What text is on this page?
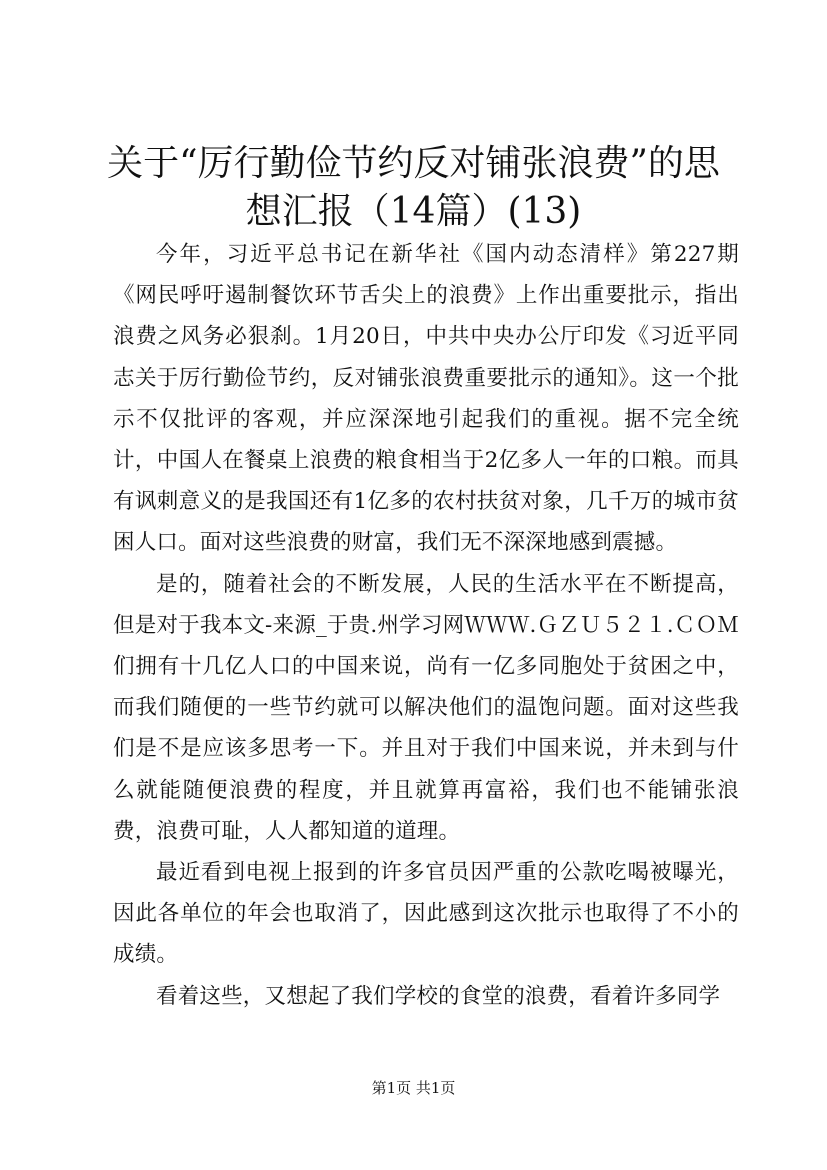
关于“厉行勤俭节约反对铺张浪费”的思想汇报（14篇）(13)

今年，习近平总书记在新华社《国内动态清样》第227期《网民呼吁遏制餐饮环节舌尖上的浪费》上作出重要批示，指出浪费之风务必狠刹。1月20日，中共中央办公厅印发《习近平同志关于厉行勤俭节约，反对铺张浪费重要批示的通知》。这一个批示不仅批评的客观，并应深深地引起我们的重视。据不完全统计，中国人在餐桌上浪费的粮食相当于2亿多人一年的口粮。而具有讽刺意义的是我国还有1亿多的农村扶贫对象，几千万的城市贫困人口。面对这些浪费的财富，我们无不深深地感到震撼。

是的，随着社会的不断发展，人民的生活水平在不断提高，但是对于我本文-来源_于贵.州学习网ＷＷＷ.ＧＺＵ５２１.ＣＯＭ们拥有十几亿人口的中国来说，尚有一亿多同胞处于贫困之中，而我们随便的一些节约就可以解决他们的温饱问题。面对这些我们是不是应该多思考一下。并且对于我们中国来说，并未到与什么就能随便浪费的程度，并且就算再富裕，我们也不能铺张浪费，浪费可耻，人人都知道的道理。

最近看到电视上报到的许多官员因严重的公款吃喝被曝光，因此各单位的年会也取消了，因此感到这次批示也取得了不小的成绩。

看着这些，又想起了我们学校的食堂的浪费，看着许多同学

第1页 共1页
